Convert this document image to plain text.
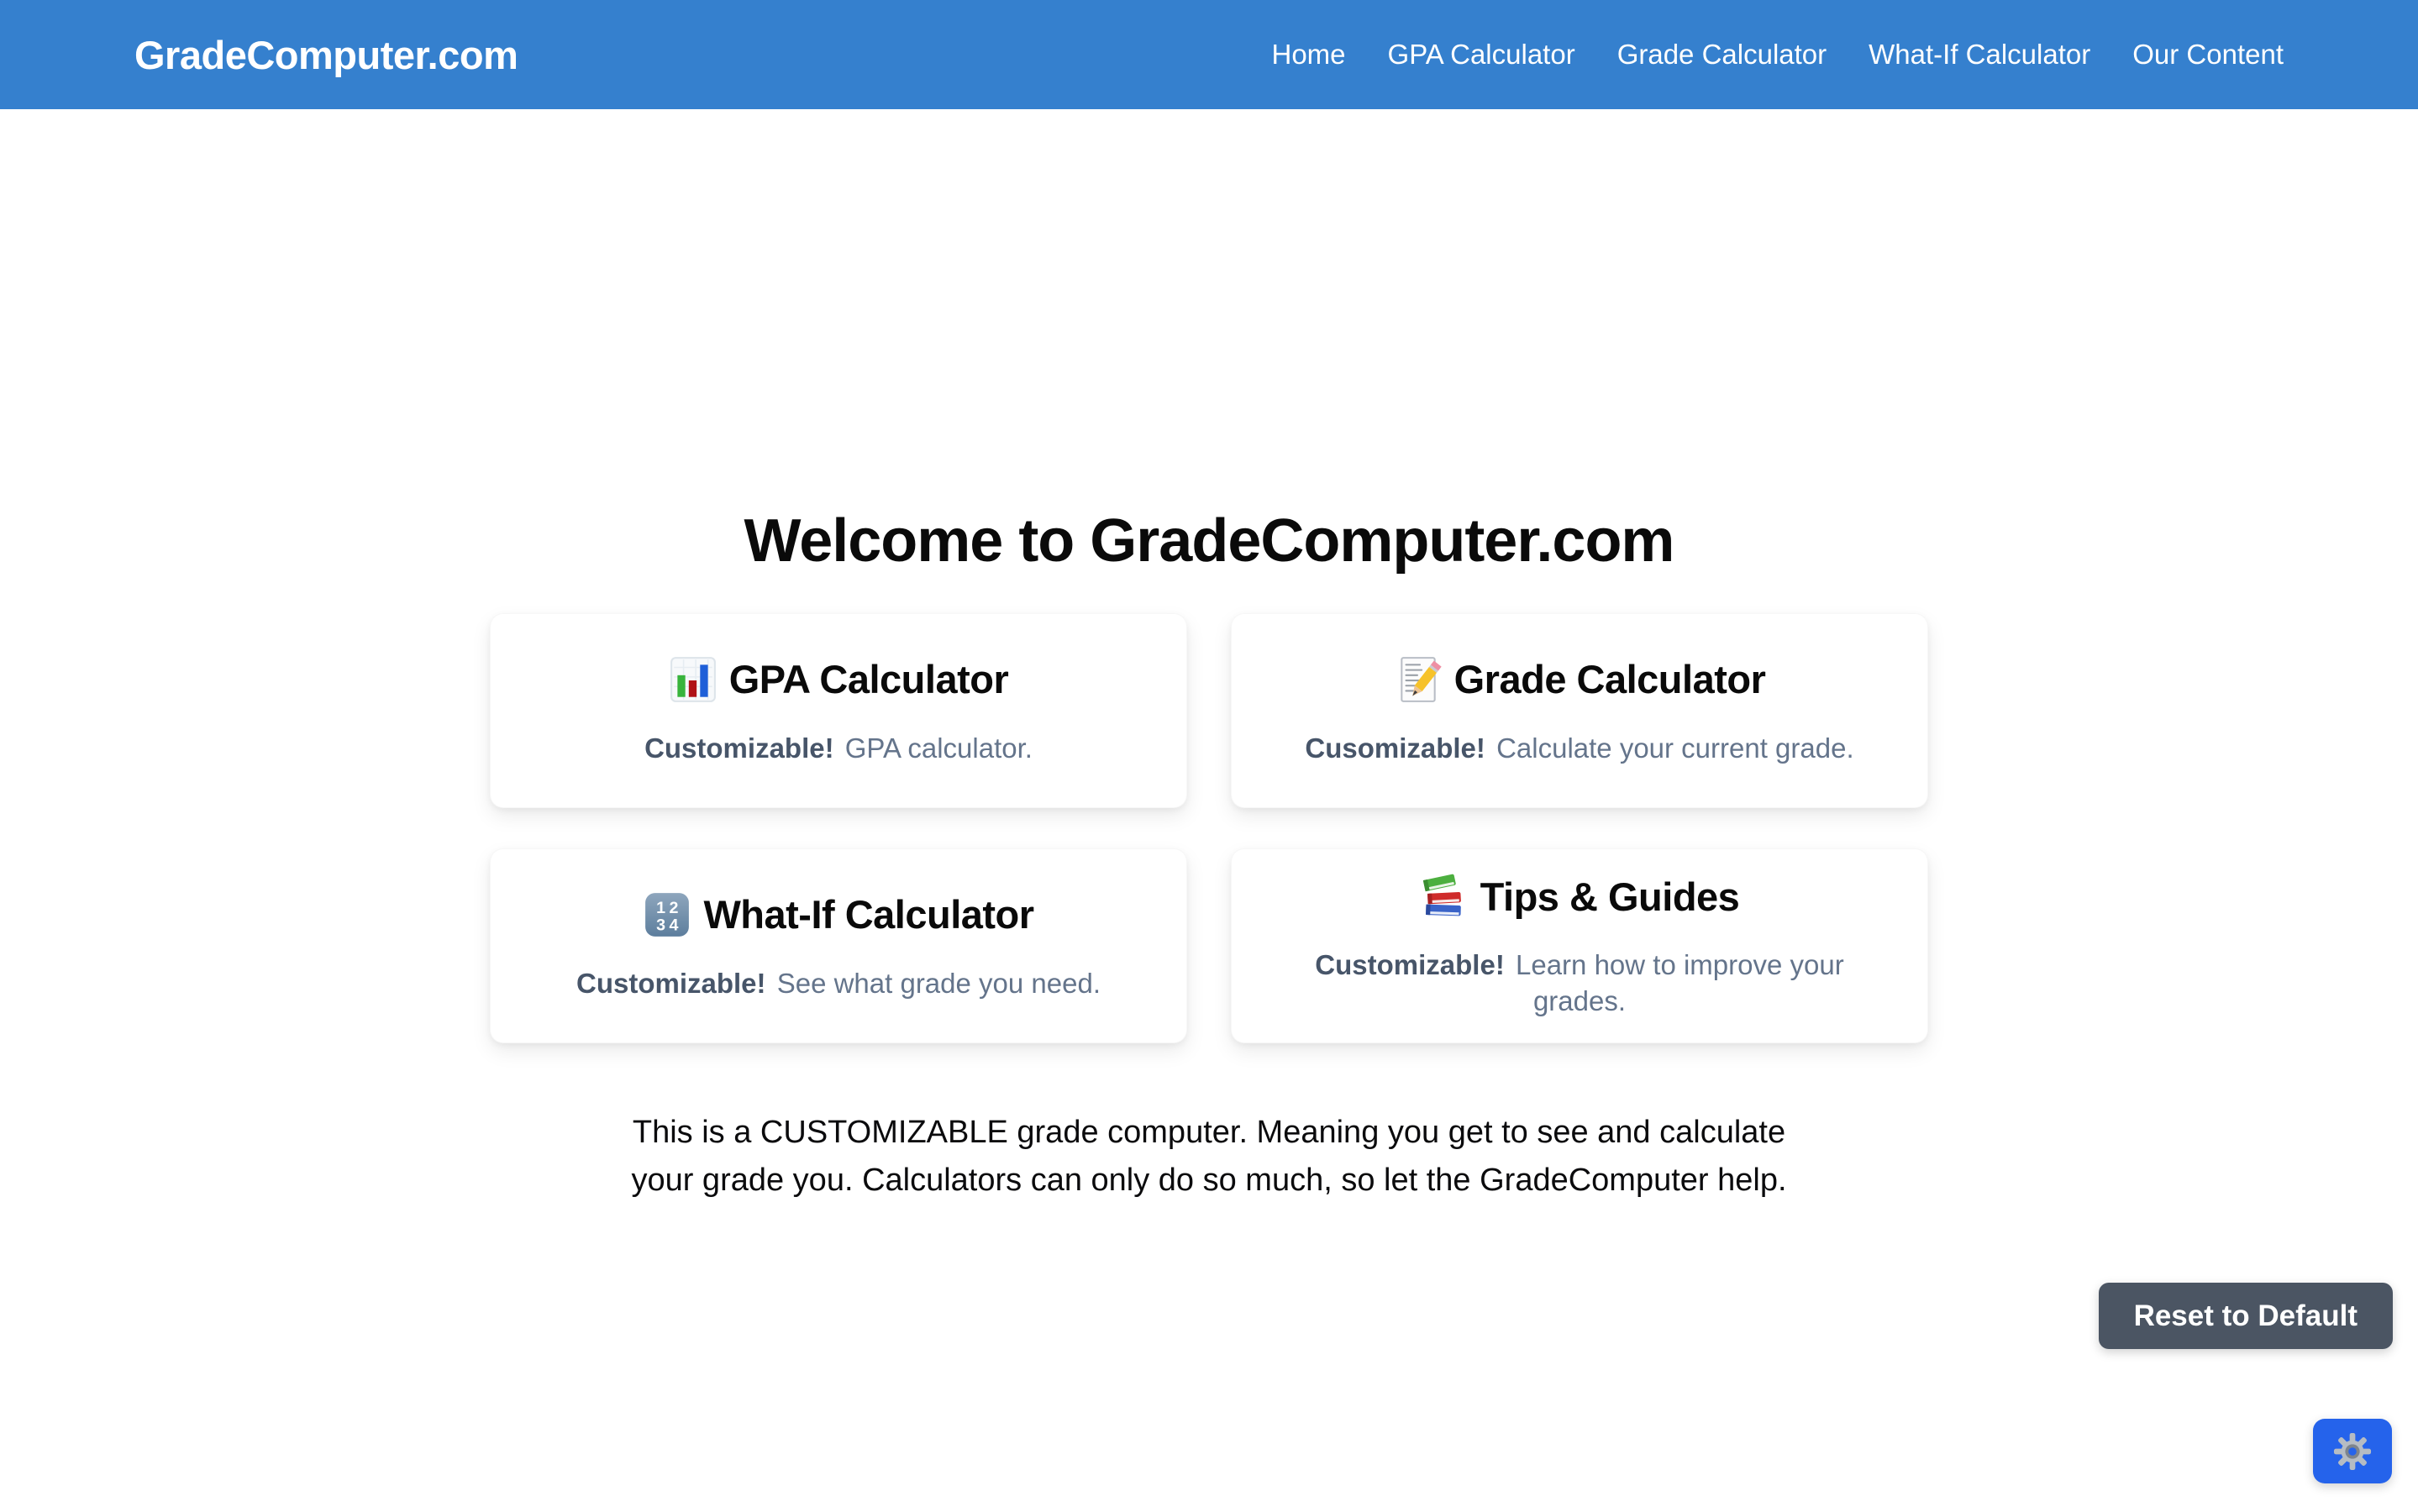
GradeComputer.com	Home GPA Calculator Grade Calculator What-If Calculator Our Content
Welcome to GradeComputer.com
GPA Calculator

Customizable! GPA calculator.

Grade Calculator

Cusomizable! Calculate your current grade.

1 2
3 4 What-If Calculator

Customizable! See what grade you need.

Tips & Guides

Customizable! Learn how to improve your grades.

This is a CUSTOMIZABLE grade computer. Meaning you get to see and calculate
your grade you. Calculators can only do so much, so let the GradeComputer help.

Reset to Default
